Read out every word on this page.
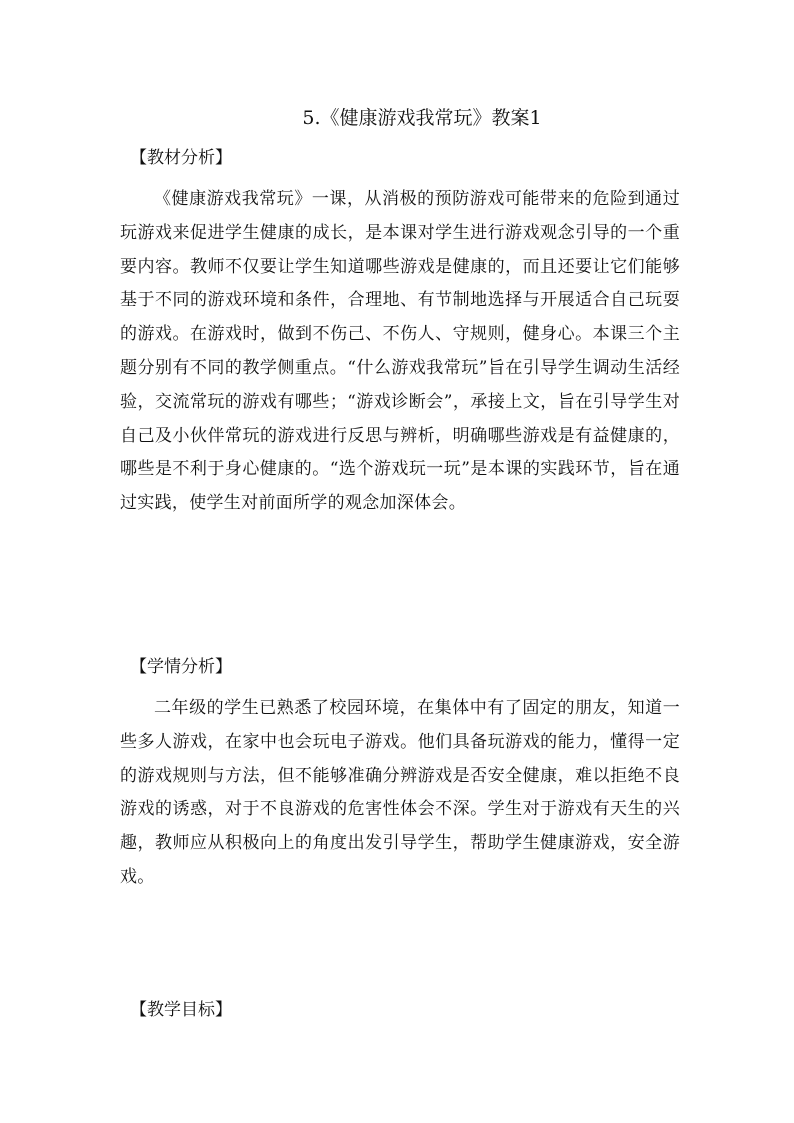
5.《健康游戏我常玩》教案1
【教材分析】
《健康游戏我常玩》一课，从消极的预防游戏可能带来的危险到通过玩游戏来促进学生健康的成长，是本课对学生进行游戏观念引导的一个重要内容。教师不仅要让学生知道哪些游戏是健康的，而且还要让它们能够基于不同的游戏环境和条件，合理地、有节制地选择与开展适合自己玩耍的游戏。在游戏时，做到不伤己、不伤人、守规则，健身心。本课三个主题分别有不同的教学侧重点。“什么游戏我常玩”旨在引导学生调动生活经验，交流常玩的游戏有哪些；“游戏诊断会”，承接上文，旨在引导学生对自己及小伙伴常玩的游戏进行反思与辨析，明确哪些游戏是有益健康的，哪些是不利于身心健康的。“选个游戏玩一玩”是本课的实践环节，旨在通过实践，使学生对前面所学的观念加深体会。
【学情分析】
二年级的学生已熟悉了校园环境，在集体中有了固定的朋友，知道一些多人游戏，在家中也会玩电子游戏。他们具备玩游戏的能力，懂得一定的游戏规则与方法，但不能够准确分辨游戏是否安全健康，难以拒绝不良游戏的诱惑，对于不良游戏的危害性体会不深。学生对于游戏有天生的兴趣，教师应从积极向上的角度出发引导学生，帮助学生健康游戏，安全游戏。
【教学目标】
